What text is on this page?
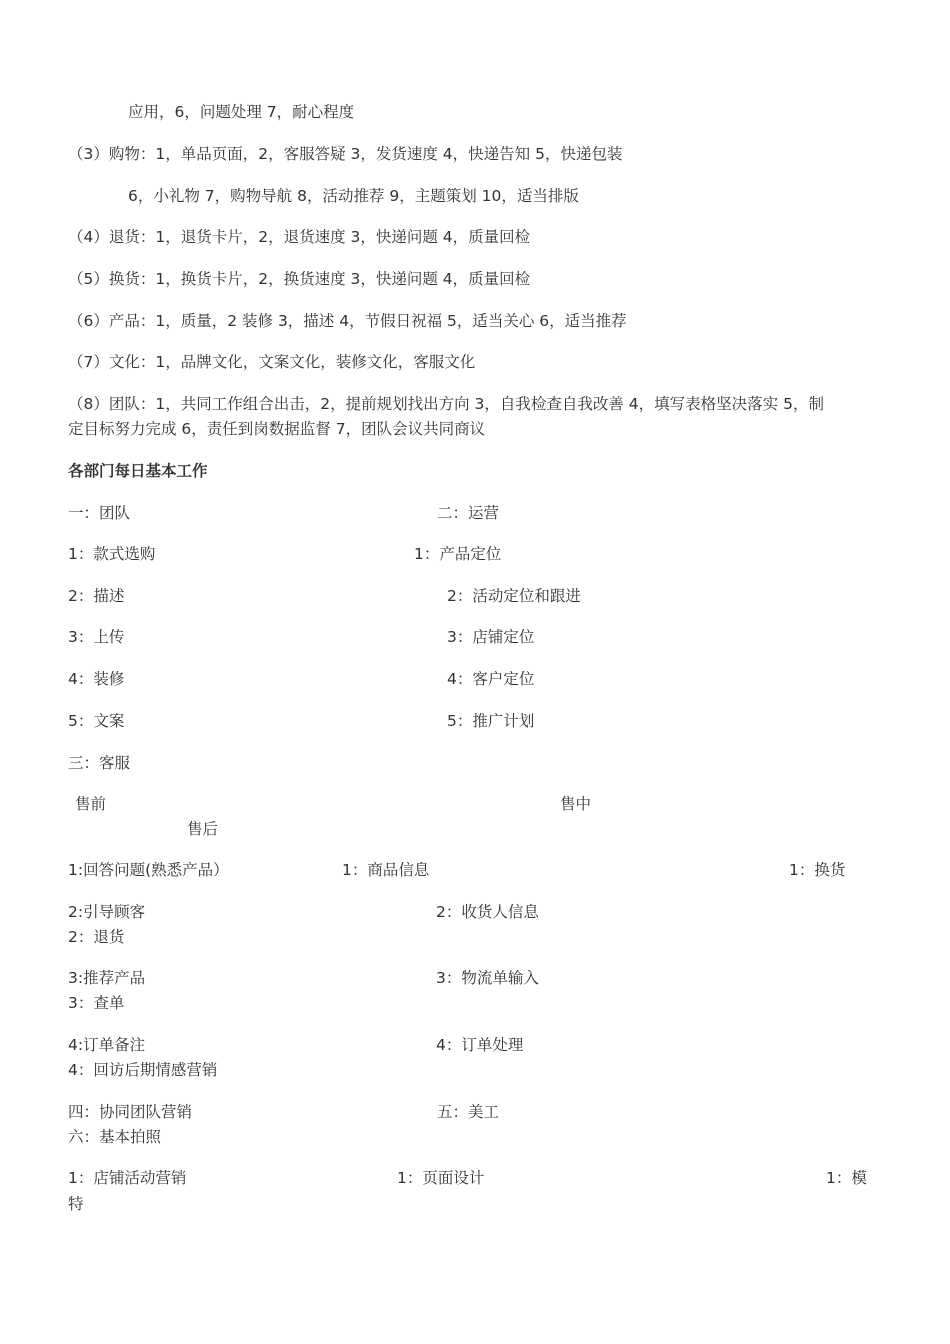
应用，6，问题处理 7，耐心程度
（3）购物：1，单品页面，2，客服答疑 3，发货速度 4，快递告知 5，快递包装
6，小礼物 7，购物导航 8，活动推荐 9，主题策划 10，适当排版
（4）退货：1，退货卡片，2，退货速度 3，快递问题 4，质量回检
（5）换货：1，换货卡片，2，换货速度 3，快递问题 4，质量回检
（6）产品：1，质量，2 装修 3，描述 4，节假日祝福 5，适当关心 6，适当推荐
（7）文化：1，品牌文化，文案文化，装修文化，客服文化
（8）团队：1，共同工作组合出击，2，提前规划找出方向 3，自我检查自我改善 4，填写表格坚决落实 5，制
定目标努力完成 6，责任到岗数据监督 7，团队会议共同商议
各部门每日基本工作
一：团队	二：运营
1：款式选购	1：产品定位
2：描述	2：活动定位和跟进
3：上传	3：店铺定位
4：装修	4：客户定位
5：文案	5：推广计划
三：客服
售前	售中
售后
1:回答问题(熟悉产品）	1：商品信息	1：换货
2:引导顾客	2：收货人信息
2：退货
3:推荐产品	3：物流单输入
3：查单
4:订单备注	4：订单处理
4：回访后期情感营销
四：协同团队营销	五：美工
六：基本拍照
1：店铺活动营销	1：页面设计	1：模
特
